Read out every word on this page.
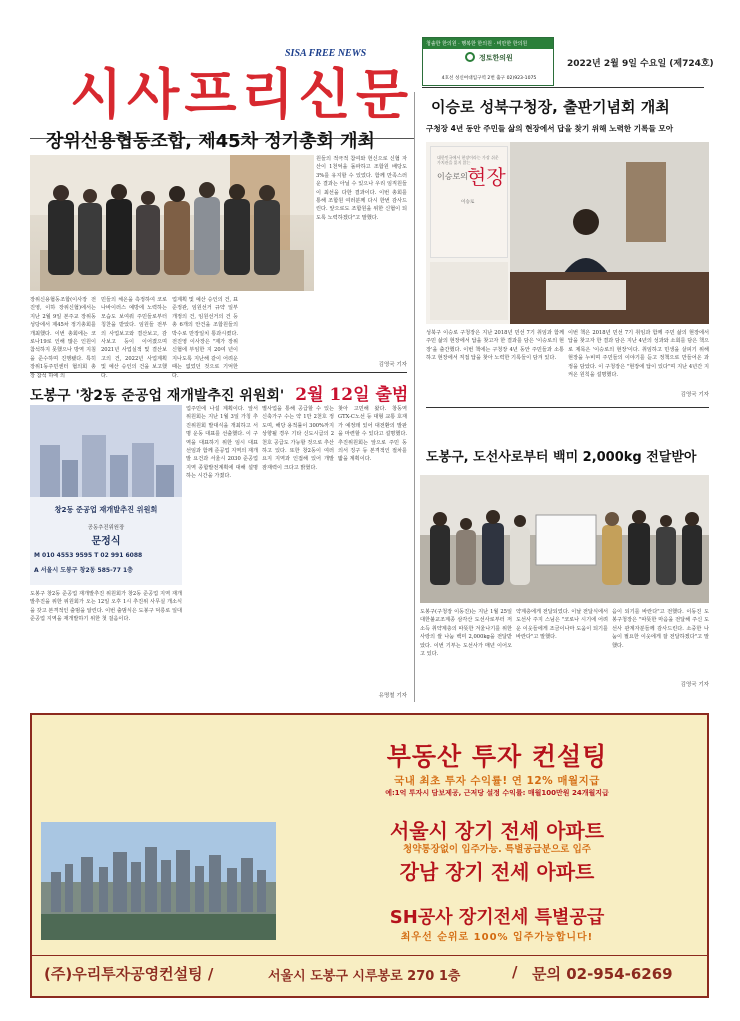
SISA FREE NEWS
시사프리신문
청솔한 한의원 · 행복한 한의원 · 비만한 한의원
정토한의원
4호선 성신여대입구역 2번 출구 02)923-1075
2022년 2월 9일 수요일 (제724호)
장위신용협동조합, 제45차 정기총회 개최
장위신용협동조합(이사장 전진영, 이하 장위신협)에서는 지난 2월 9일 본주교 장위동성당에서 제45차 정기총회를 개최했다. 이번 총회에는 코로나19로 인해 많은 인원이 참석하지 못했으나 방역 지침을 준수하며 진행됐다. 특히 장위1동주민센터 협의회 총장 참석 하에 의
민들의 체온을 측정하여 코로나바이러스 예방에 노력하는 모습도 보여줘 주민들로부터 칭찬을 받았다. 임원들 전부의 사업보고와 결산보고, 감사보고 등이 이어졌으며 2021년 사업실적 및 결산보고의 건, 2022년 사업계획 및 예산 승인의 건을 보고했다.
업계획 및 예산 승인의 건, 표준정관, 임원선거 규약 일부 개정의 건, 임원선거의 건 등 총 6개의 안건을 조합원들의 박수로 만장일치 통과시켰다. 전진영 이사장은 "제가 장위신협에 부임한 지 20여 년이 지나도록 지난해 같이 어려운 때는 없었던 것으로 기억한다.
원들의 적극적 참여와 헌신으로 신협 자산이 1천억을 돌파하고 조합원 배당도 3%를 유지할 수 있었다. 함께 만족스러운 결과는 아닐 수 있으나 우리 임직원들이 최선을 다한 결과이다. 이번 총회를 통해 조합원 여러분께 다시 한번 감사드린다. 앞으로도 조합원을 위한 신협이 되도록 노력하겠다"고 말했다.
김영국 기자
이승로 성북구청장, 출판기념회 개최
구청장 4년 동안 주민들 삶의 현장에서 답을 찾기 위해 노력한 기록들 모아
대한민국에서 현장이라는 가장 쉬운 가치관을 잃지 않는
이승로의 현장
이승로
성북구 이승로 구청장은 지난 2018년 민선 7기 취임과 함께 주민 삶의 현장에서 답을 찾고자 한 결과를 담은 '이승로의 현장'을 출간했다. 이번 책에는 구청장 4년 동안 주민들과 소통하고 현장에서 직접 답을 찾아 노력한 기록들이 담겨 있다.
이번 책은 2018년 민선 7기 취임과 함께 주민 삶의 현장에서 답을 찾고자 한 결과 담은 지난 4년의 성과와 소회를 담은 책으로 제목은 '이승로의 현장'이다. 취임하고 민생을 살피기 위해 현장을 누비며 주민들의 이야기를 듣고 정책으로 만들어온 과정을 담았다. 이 구청장은 "현장에 답이 있다"며 지난 4년간 지켜온 원칙을 설명했다.
김영국 기자
도봉구 '창2동 준공업 재개발추진 위원회' 2월 12일 출범
창2동 준공업 재개발추진 위원회
공동추진위원장
문정식
M 010 4553 9595 T 02 991 6088
A 서울시 도봉구 창2동 585-77 1층
도봉구 창2동 준공업 재개발추진 위원회가 창2동 준공업 지역 재개발추진을 위한 위원회가 오는 12일 오후 1시 추진위 사무실 개소식을 갖고 본격적인 출범을 알린다. 이번 출범식은 도봉구 덕릉로 일대 준공업 지역을 재개발하기 위한 첫 걸음이다.
업주민에 나설 계획이다. 앞서 위원회는 지난 1월 3일 가칭 추진위원회 발대식을 개최하고 서명 운동 대표를 선출했다. 이 구역을 대표하기 위한 임시 대표 선임과 함께 준공업 지역의 재개발 요건과 서울시 2030 준공업지역 종합발전계획에 대해 설명하는 시간을 가졌다.
별사업을 통해 공급할 수 있는 신축가구 수는 약 1만 2천호 정도며, 해당 용적률이 300%까지 상향될 경우 기타 신도시급의 2천호 공급도 가능할 것으로 추산하고 있다. 또한 창2동이 여러 요지 지역과 인접해 있어 개발 잠재력이 크다고 밝혔다.
찾아 고민해 왔다. 창동역 GTX-C노선 등 대형 교통 호재가 예정돼 있어 대전환의 발판을 마련할 수 있다고 설명했다. 추진위원회는 앞으로 주민 동의서 징구 등 본격적인 절차를 밟을 계획이다.
유명철 기자
도봉구, 도선사로부터 백미 2,000kg 전달받아
도봉구(구청장 이동진)는 지난 1월 25일 대한불교조계종 삼각산 도선사로부터 저소득 취약계층의 따뜻한 겨울나기를 위한 사랑의 쌀 나눔 백미 2,000kg을 전달받았다. 이번 기부는 도선사가 매년 이어오고 있다.
약계층에게 전달되었다. 이날 전달식에서 도선사 주지 스님은 "코로나 시기에 어려운 이웃들에게 조금이나마 도움이 되기를 바란다"고 말했다.
음이 되기를 바란다"고 전했다. 이동진 도봉구청장은 "따뜻한 마음을 전달해 주신 도선사 관계자분들께 감사드린다. 소중한 나눔이 필요한 이웃에게 잘 전달하겠다"고 말했다.
김영국 기자
부동산 투자 컨설팅
국내 최초 투자 수익률! 연 12% 매월지급
예:1억 투자시 담보제공, 근저당 설정 수익률: 매월100만원 24개월지급
서울시 장기 전세 아파트
청약통장없이 입주가능. 특별공급분으로 입주
강남 장기 전세 아파트
SH공사 장기전세 특별공급
최우선 순위로 100% 입주가능합니다!
(주)우리투자공영컨설팅 /	서울시 도봉구 시루봉로 270 1층	/ 문의 02-954-6269
